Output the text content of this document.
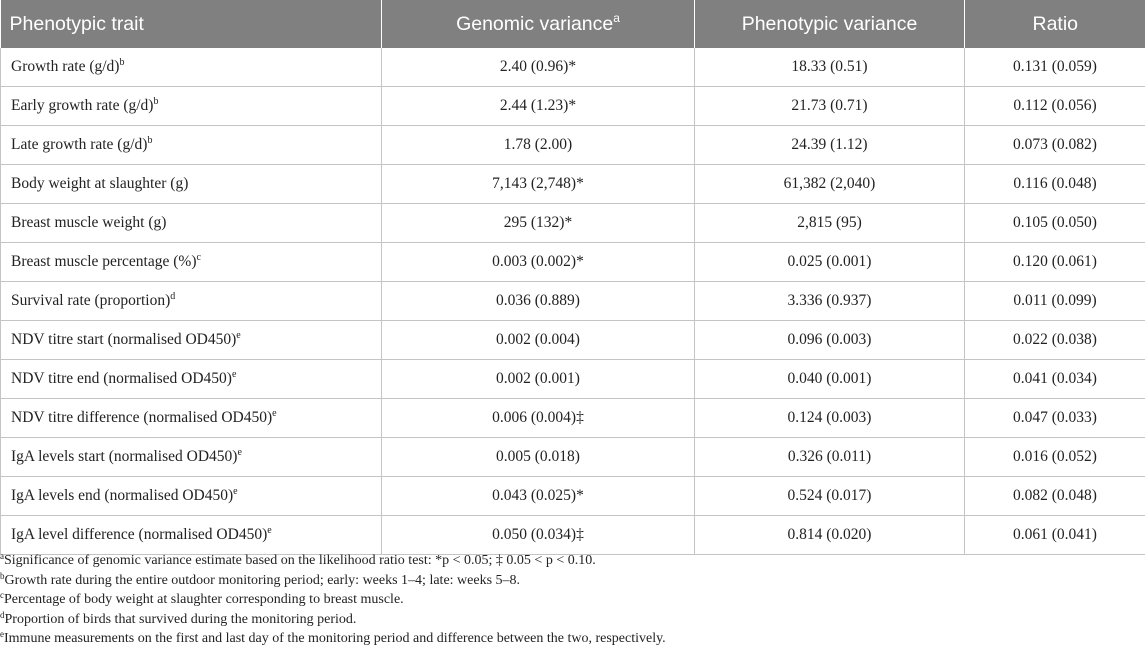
Phenotypic trait	Genomic variance$^a$	Phenotypic variance	Ratio
Growth rate $(g/d)^b$	2.40 (0.96)*	18.33 (0.51)	0.131 (0.059)
Early growth rate $(g/d)^b$	2.44 (1.23)*	21.73 (0.71)	0.112 (0.056)
Late growth rate $(g/d)^b$	1.78 (2.00)	24.39 (1.12)	0.073 (0.082)
Body weight at slaughter (g)	7,143 (2,748)*	61,382 (2,040)	0.116 (0.048)
Breast muscle weight (g)	295 (132)*	2,815 (95)	0.105 (0.050)
Breast muscle percentage (%)$^c$	0.003 (0.002)*	0.025 (0.001)	0.120 (0.061)
Survival rate (proportion)$^d$	0.036 (0.889)	3.336 (0.937)	0.011 (0.099)
NDV titre start (normalised OD450)$^e$	0.002 (0.004)	0.096 (0.003)	0.022 (0.038)
NDV titre end (normalised OD450)$^e$	0.002 (0.001)	0.040 (0.001)	0.041 (0.034)
NDV titre difference (normalised OD450)$^e$	0.006 (0.004)‡	0.124 (0.003)	0.047 (0.033)
IgA levels start (normalised OD450)$^e$	0.005 (0.018)	0.326 (0.011)	0.016 (0.052)
IgA levels end (normalised OD450)$^e$	0.043 (0.025)*	0.524 (0.017)	0.082 (0.048)
IgA level difference (normalised OD450)$^e$	0.050 (0.034)‡	0.814 (0.020)	0.061 (0.041)
$^a$Significance of genomic variance estimate based on the likelihood ratio test: *p < 0.05; ‡ 0.05 < p < 0.10.
$^b$Growth rate during the entire outdoor monitoring period; early: weeks 1–4; late: weeks 5–8.
$^c$Percentage of body weight at slaughter corresponding to breast muscle.
$^d$Proportion of birds that survived during the monitoring period.
$^e$Immune measurements on the first and last day of the monitoring period and difference between the two, respectively.
